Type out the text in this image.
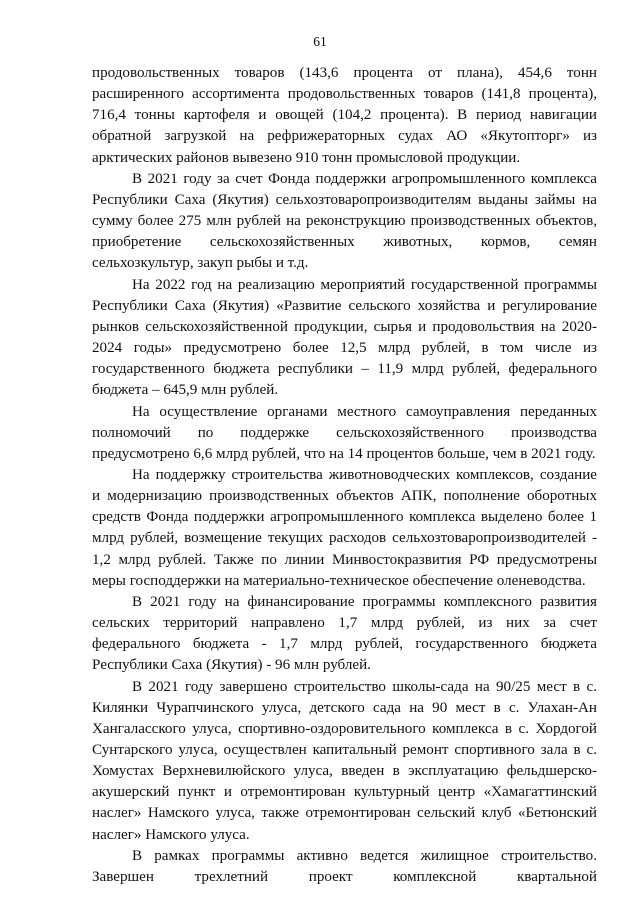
61

продовольственных товаров (143,6 процента от плана), 454,6 тонн расширенного ассортимента продовольственных товаров (141,8 процента), 716,4 тонны картофеля и овощей (104,2 процента). В период навигации обратной загрузкой на рефрижераторных судах АО «Якутопторг» из арктических районов вывезено 910 тонн промысловой продукции.

В 2021 году за счет Фонда поддержки агропромышленного комплекса Республики Саха (Якутия) сельхозтоваропроизводителям выданы займы на сумму более 275 млн рублей на реконструкцию производственных объектов, приобретение сельскохозяйственных животных, кормов, семян сельхозкультур, закуп рыбы и т.д.

На 2022 год на реализацию мероприятий государственной программы Республики Саха (Якутия) «Развитие сельского хозяйства и регулирование рынков сельскохозяйственной продукции, сырья и продовольствия на 2020-2024 годы» предусмотрено более 12,5 млрд рублей, в том числе из государственного бюджета республики – 11,9 млрд рублей, федерального бюджета – 645,9 млн рублей.

На осуществление органами местного самоуправления переданных полномочий по поддержке сельскохозяйственного производства предусмотрено 6,6 млрд рублей, что на 14 процентов больше, чем в 2021 году.

На поддержку строительства животноводческих комплексов, создание и модернизацию производственных объектов АПК, пополнение оборотных средств Фонда поддержки агропромышленного комплекса выделено более 1 млрд рублей, возмещение текущих расходов сельхозтоваропроизводителей - 1,2 млрд рублей. Также по линии Минвостокразвития РФ предусмотрены меры господдержки на материально-техническое обеспечение оленеводства.

В 2021 году на финансирование программы комплексного развития сельских территорий направлено 1,7 млрд рублей, из них за счет федерального бюджета - 1,7 млрд рублей, государственного бюджета Республики Саха (Якутия) - 96 млн рублей.

В 2021 году завершено строительство школы-сада на 90/25 мест в с. Килянки Чурапчинского улуса, детского сада на 90 мест в с. Улахан-Ан Хангаласского улуса, спортивно-оздоровительного комплекса в с. Хордогой Сунтарского улуса, осуществлен капитальный ремонт спортивного зала в с. Хомустах Верхневилюйского улуса, введен в эксплуатацию фельдшерско-акушерский пункт и отремонтирован культурный центр «Хамагаттинский наслег» Намского улуса, также отремонтирован сельский клуб «Бетюнский наслег» Намского улуса.

В рамках программы активно ведется жилищное строительство. Завершен трехлетний проект комплексной квартальной
